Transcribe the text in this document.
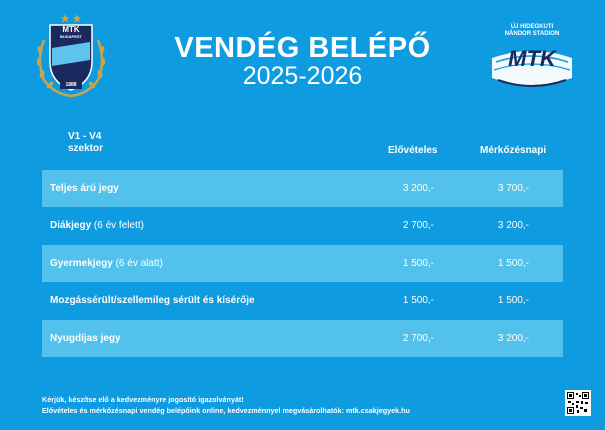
MTK
BUDAPEST
1888
ÚJ HIDEGKUTI
NÁNDOR STADION
MTK
VENDÉG BELÉPŐ
2025-2026
V1 - V4
szektor	Elővételes	Mérkőzésnapi
Teljes árú jegy	3 200,-	3 700,-
Diákjegy (6 év felett)	2 700,-	3 200,-
Gyermekjegy (6 év alatt)	1 500,-	1 500,-
Mozgássérült/szellemileg sérült és kísérője	1 500,-	1 500,-
Nyugdíjas jegy	2 700,-	3 200,-
Kérjük, készítse elő a kedvezményre jogosító igazolványát!
Elővételes és mérkőzésnapi vendég belépőink online, kedvezménnyel megvásárolhatók: mtk.csakjegyek.hu
